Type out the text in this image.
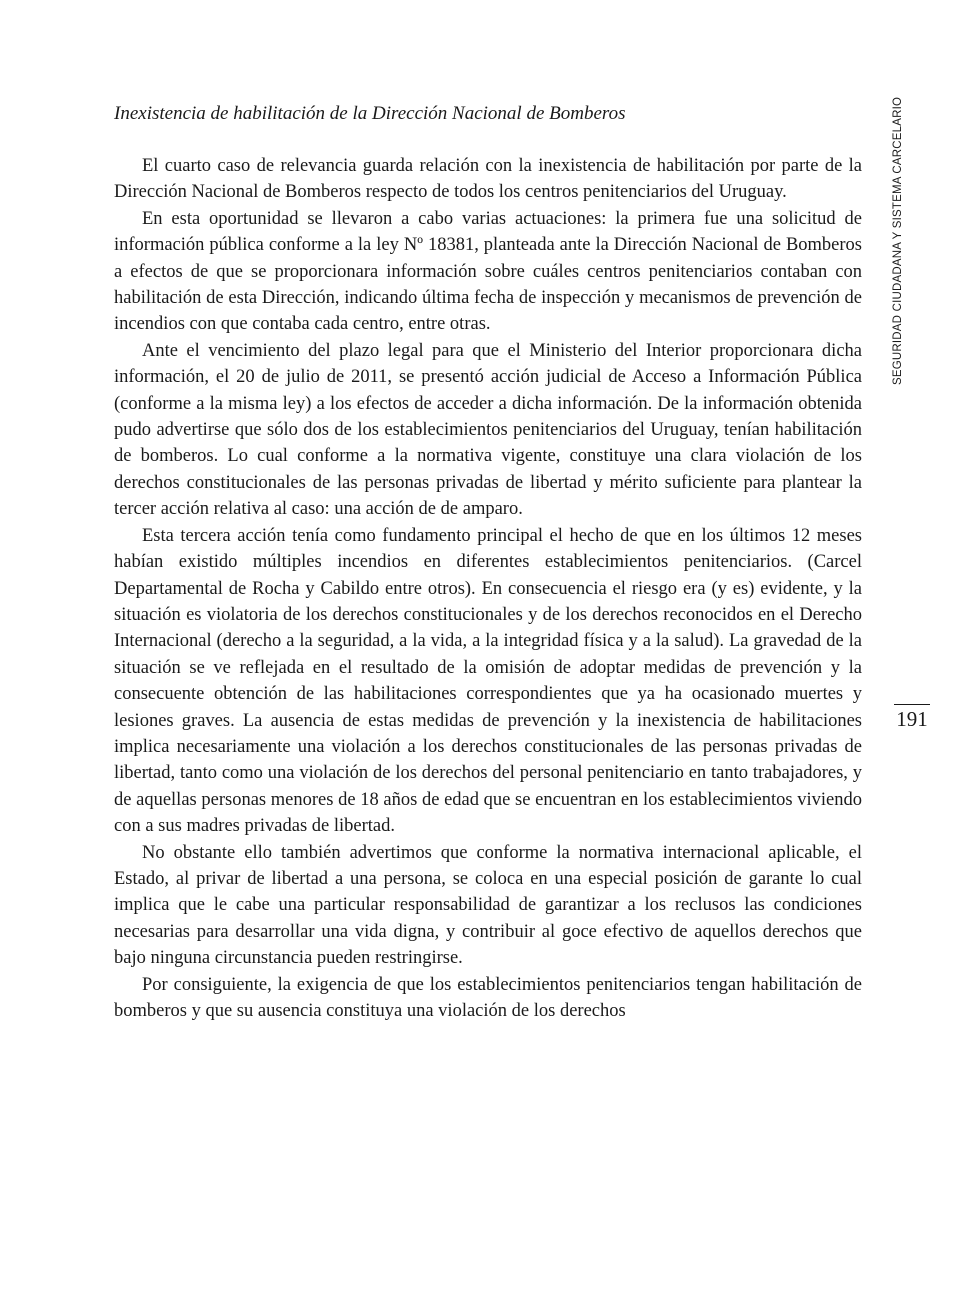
Inexistencia de habilitación de la Dirección Nacional de Bomberos

El cuarto caso de relevancia guarda relación con la inexistencia de habilitación por parte de la Dirección Nacional de Bomberos respecto de todos los centros penitenciarios del Uruguay.

En esta oportunidad se llevaron a cabo varias actuaciones: la primera fue una solicitud de información pública conforme a la ley Nº 18381, planteada ante la Dirección Nacional de Bomberos a efectos de que se proporcionara información sobre cuáles centros penitenciarios contaban con habilitación de esta Dirección, indicando última fecha de inspección y mecanismos de prevención de incendios con que contaba cada centro, entre otras.

Ante el vencimiento del plazo legal para que el Ministerio del Interior proporcionara dicha información, el 20 de julio de 2011, se presentó acción judicial de Acceso a Información Pública (conforme a la misma ley) a los efectos de acceder a dicha información. De la información obtenida pudo advertirse que sólo dos de los establecimientos penitenciarios del Uruguay, tenían habilitación de bomberos. Lo cual conforme a la normativa vigente, constituye una clara violación de los derechos constitucionales de las personas privadas de libertad y mérito suficiente para plantear la tercer acción relativa al caso: una acción de de amparo.

Esta tercera acción tenía como fundamento principal el hecho de que en los últimos 12 meses habían existido múltiples incendios en diferentes establecimientos penitenciarios. (Carcel Departamental de Rocha y Cabildo entre otros). En consecuencia el riesgo era (y es) evidente, y la situación es violatoria de los derechos constitucionales y de los derechos reconocidos en el Derecho Internacional (derecho a la seguridad, a la vida, a la integridad física y a la salud). La gravedad de la situación se ve reflejada en el resultado de la omisión de adoptar medidas de prevención y la consecuente obtención de las habilitaciones correspondientes que ya ha ocasionado muertes y lesiones graves. La ausencia de estas medidas de prevención y la inexistencia de habilitaciones implica necesariamente una violación a los derechos constitucionales de las personas privadas de libertad, tanto como una violación de los derechos del personal penitenciario en tanto trabajadores, y de aquellas personas menores de 18 años de edad que se encuentran en los establecimientos viviendo con a sus madres privadas de libertad.

No obstante ello también advertimos que conforme la normativa internacional aplicable, el Estado, al privar de libertad a una persona, se coloca en una especial posición de garante lo cual implica que le cabe una particular responsabilidad de garantizar a los reclusos las condiciones necesarias para desarrollar una vida digna, y contribuir al goce efectivo de aquellos derechos que bajo ninguna circunstancia pueden restringirse.

Por consiguiente, la exigencia de que los establecimientos penitenciarios tengan habilitación de bomberos y que su ausencia constituya una violación de los derechos

SEGURIDAD CIUDADANA Y SISTEMA CARCELARIO
191
